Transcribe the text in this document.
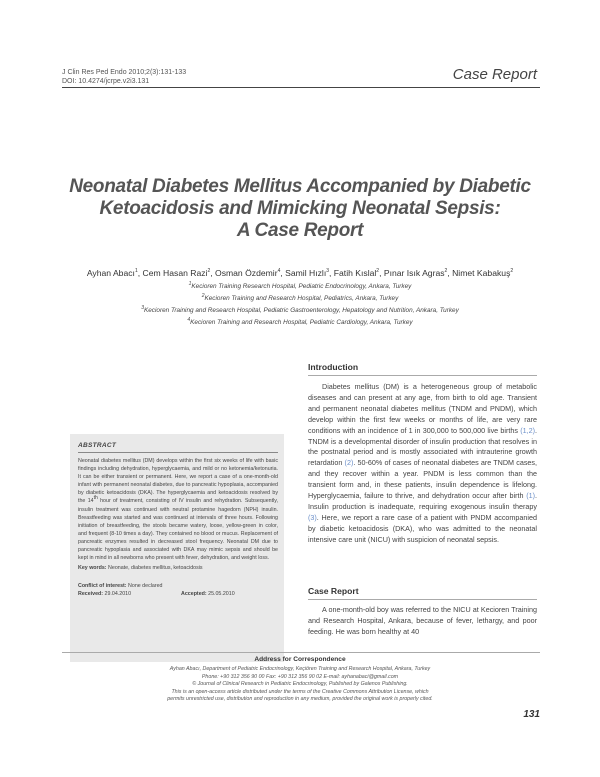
J Clin Res Ped Endo 2010;2(3):131-133
DOI: 10.4274/jcrpe.v2i3.131	Case Report
Neonatal Diabetes Mellitus Accompanied by Diabetic
Ketoacidosis and Mimicking Neonatal Sepsis:
A Case Report
Ayhan Abacı$^1$, Cem Hasan Razi$^2$, Osman Özdemir$^4$, Samil Hızlı$^3$, Fatih Kıslal$^2$, Pınar Isık Agras$^2$, Nimet Kabakuş$^2$
$^1$Kecioren Training Research Hospital, Pediatric Endocrinology, Ankara, Turkey
$^2$Kecioren Training and Research Hospital, Pediatrics, Ankara, Turkey
$^3$Kecioren Training and Research Hospital, Pediatric Gastroenterology, Hepatology and Nutrition, Ankara, Turkey
$^4$Kecioren Training and Research Hospital, Pediatric Cardiology, Ankara, Turkey
ABSTRACT
Neonatal diabetes mellitus (DM) develops within the first six weeks of life with basic findings including dehydration, hyperglycaemia, and mild or no ketonemia/ketonuria. It can be either transient or permanent. Here, we report a case of a one-month-old infant with permanent neonatal diabetes, due to pancreatic hypoplasia, accompanied by diabetic ketoacidosis (DKA). The hyperglycaemia and ketoacidosis resolved by the 14th hour of treatment, consisting of IV insulin and rehydration. Subsequently, insulin treatment was continued with neutral protamine hagedorn (NPH) insulin. Breastfeeding was started and was continued at intervals of three hours. Following initiation of breastfeeding, the stools became watery, loose, yellow-green in color, and frequent (8-10 times a day). They contained no blood or mucus. Replacement of pancreatic enzymes resulted in decreased stool frequency. Neonatal DM due to pancreatic hypoplasia and associated with DKA may mimic sepsis and should be kept in mind in all newborns who present with fever, dehydration, and weight loss.
Key words: Neonate, diabetes mellitus, ketoacidosis
Conflict of interest: None declared
Received: 29.04.2010	Accepted: 25.05.2010
Introduction

Diabetes mellitus (DM) is a heterogeneous group of metabolic diseases and can present at any age, from birth to old age. Transient and permanent neonatal diabetes mellitus (TNDM and PNDM), which develop within the first few weeks or months of life, are very rare conditions with an incidence of 1 in 300,000 to 500,000 live births (1,2). TNDM is a developmental disorder of insulin production that resolves in the postnatal period and is mostly associated with intrauterine growth retardation (2). 50-60% of cases of neonatal diabetes are TNDM cases, and they recover within a year. PNDM is less common than the transient form and, in these patients, insulin dependence is lifelong. Hyperglycaemia, failure to thrive, and dehydration occur after birth (1). Insulin production is inadequate, requiring exogenous insulin therapy (3). Here, we report a rare case of a patient with PNDM accompanied by diabetic ketoacidosis (DKA), who was admitted to the neonatal intensive care unit (NICU) with suspicion of neonatal sepsis.

Case Report

A one-month-old boy was referred to the NICU at Kecioren Training and Research Hospital, Ankara, because of fever, lethargy, and poor feeding. He was born healthy at 40

Address for Correspondence
Ayhan Abacı, Department of Pediatric Endocrinology, Keçiören Training and Research Hospital, Ankara, Turkey
Phone: +90 312 356 90 00 Fax: +90 312 356 90 02 E-mail: ayhanabaci@gmail.com
© Journal of Clinical Research in Pediatric Endocrinology, Published by Galenos Publishing.
This is an open-access article distributed under the terms of the Creative Commons Attribution License, which
permits unrestricted use, distribution and reproduction in any medium, provided the original work is properly cited.
131
